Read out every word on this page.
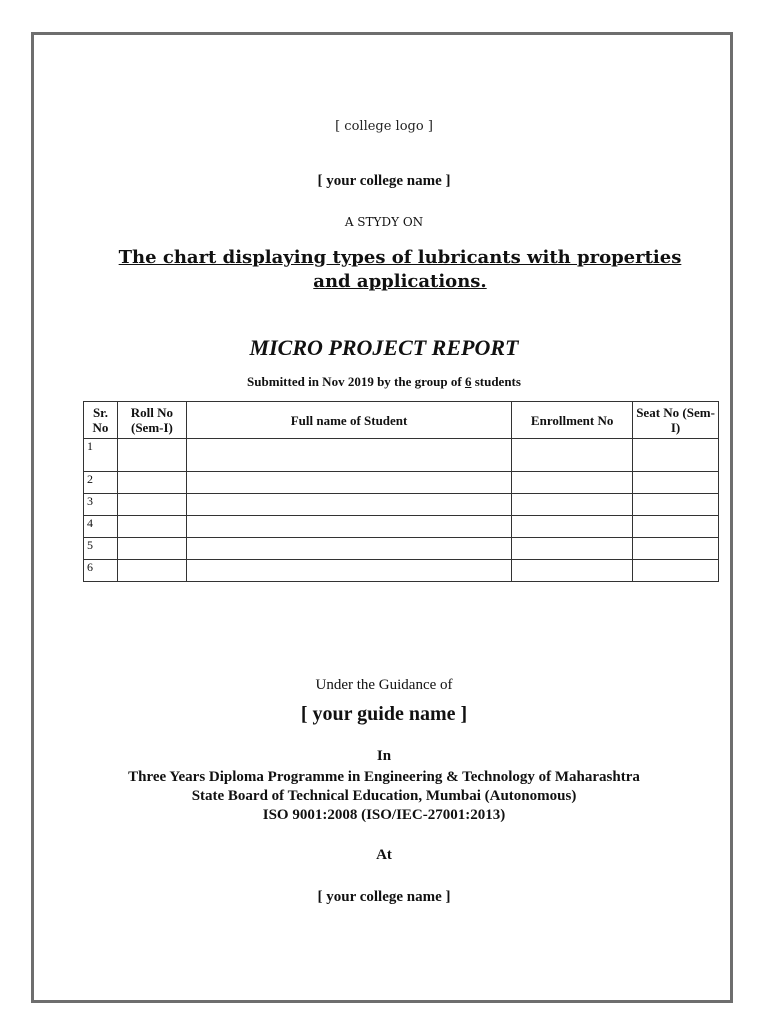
[ college logo ]
[ your college name ]
A STYDY ON
The chart displaying types of lubricants with properties and applications.
MICRO PROJECT REPORT
Submitted in Nov 2019 by the group of 6 students
Sr. No	Roll No (Sem-I)	Full name of Student	Enrollment No	Seat No (Sem-I)
1				
2				
3				
4				
5				
6				
Under the Guidance of
[ your guide name ]
In
Three Years Diploma Programme in Engineering & Technology of Maharashtra
State Board of Technical Education, Mumbai (Autonomous)
ISO 9001:2008 (ISO/IEC-27001:2013)
At
[ your college name ]
